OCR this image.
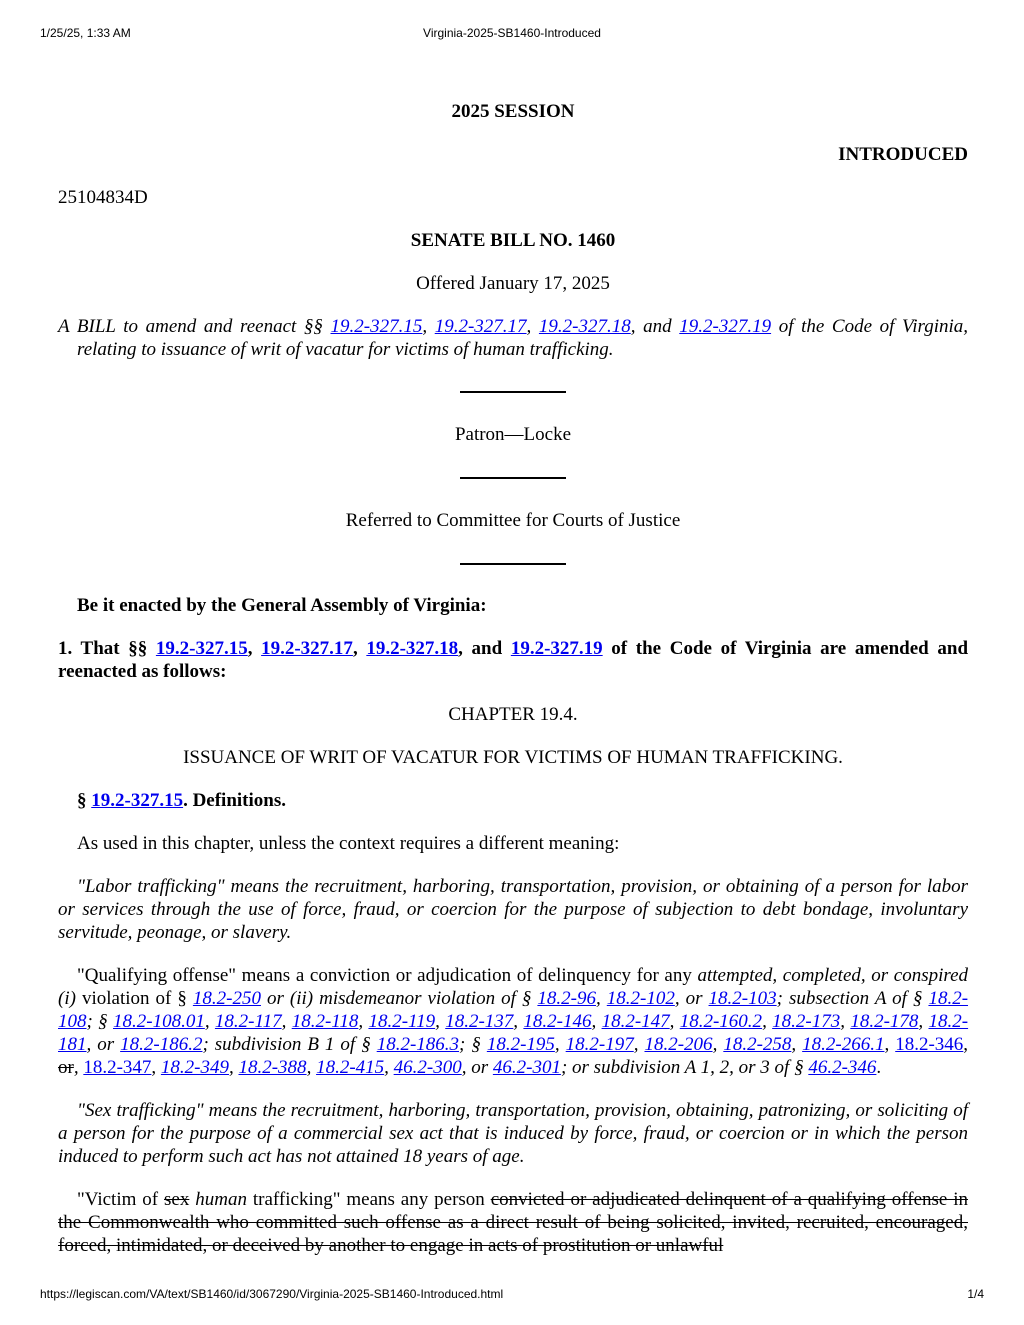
1/25/25, 1:33 AM	Virginia-2025-SB1460-Introduced

2025 SESSION

INTRODUCED

25104834D

SENATE BILL NO. 1460

Offered January 17, 2025

A BILL to amend and reenact §§ 19.2-327.15, 19.2-327.17, 19.2-327.18, and 19.2-327.19 of the Code of Virginia, relating to issuance of writ of vacatur for victims of human trafficking.

Patron—Locke

Referred to Committee for Courts of Justice

Be it enacted by the General Assembly of Virginia:

1. That §§ 19.2-327.15, 19.2-327.17, 19.2-327.18, and 19.2-327.19 of the Code of Virginia are amended and reenacted as follows:

CHAPTER 19.4.

ISSUANCE OF WRIT OF VACATUR FOR VICTIMS OF HUMAN TRAFFICKING.

§ 19.2-327.15. Definitions.

As used in this chapter, unless the context requires a different meaning:

"Labor trafficking" means the recruitment, harboring, transportation, provision, or obtaining of a person for labor or services through the use of force, fraud, or coercion for the purpose of subjection to debt bondage, involuntary servitude, peonage, or slavery.

"Qualifying offense" means a conviction or adjudication of delinquency for any attempted, completed, or conspired (i) violation of § 18.2-250 or (ii) misdemeanor violation of § 18.2-96, 18.2-102, or 18.2-103; subsection A of § 18.2-108; § 18.2-108.01, 18.2-117, 18.2-118, 18.2-119, 18.2-137, 18.2-146, 18.2-147, 18.2-160.2, 18.2-173, 18.2-178, 18.2-181, or 18.2-186.2; subdivision B 1 of § 18.2-186.3; § 18.2-195, 18.2-197, 18.2-206, 18.2-258, 18.2-266.1, 18.2-346, or, 18.2-347, 18.2-349, 18.2-388, 18.2-415, 46.2-300, or 46.2-301; or subdivision A 1, 2, or 3 of § 46.2-346.

"Sex trafficking" means the recruitment, harboring, transportation, provision, obtaining, patronizing, or soliciting of a person for the purpose of a commercial sex act that is induced by force, fraud, or coercion or in which the person induced to perform such act has not attained 18 years of age.

"Victim of sex human trafficking" means any person convicted or adjudicated delinquent of a qualifying offense in the Commonwealth who committed such offense as a direct result of being solicited, invited, recruited, encouraged, forced, intimidated, or deceived by another to engage in acts of prostitution or unlawful

https://legiscan.com/VA/text/SB1460/id/3067290/Virginia-2025-SB1460-Introduced.html	1/4
